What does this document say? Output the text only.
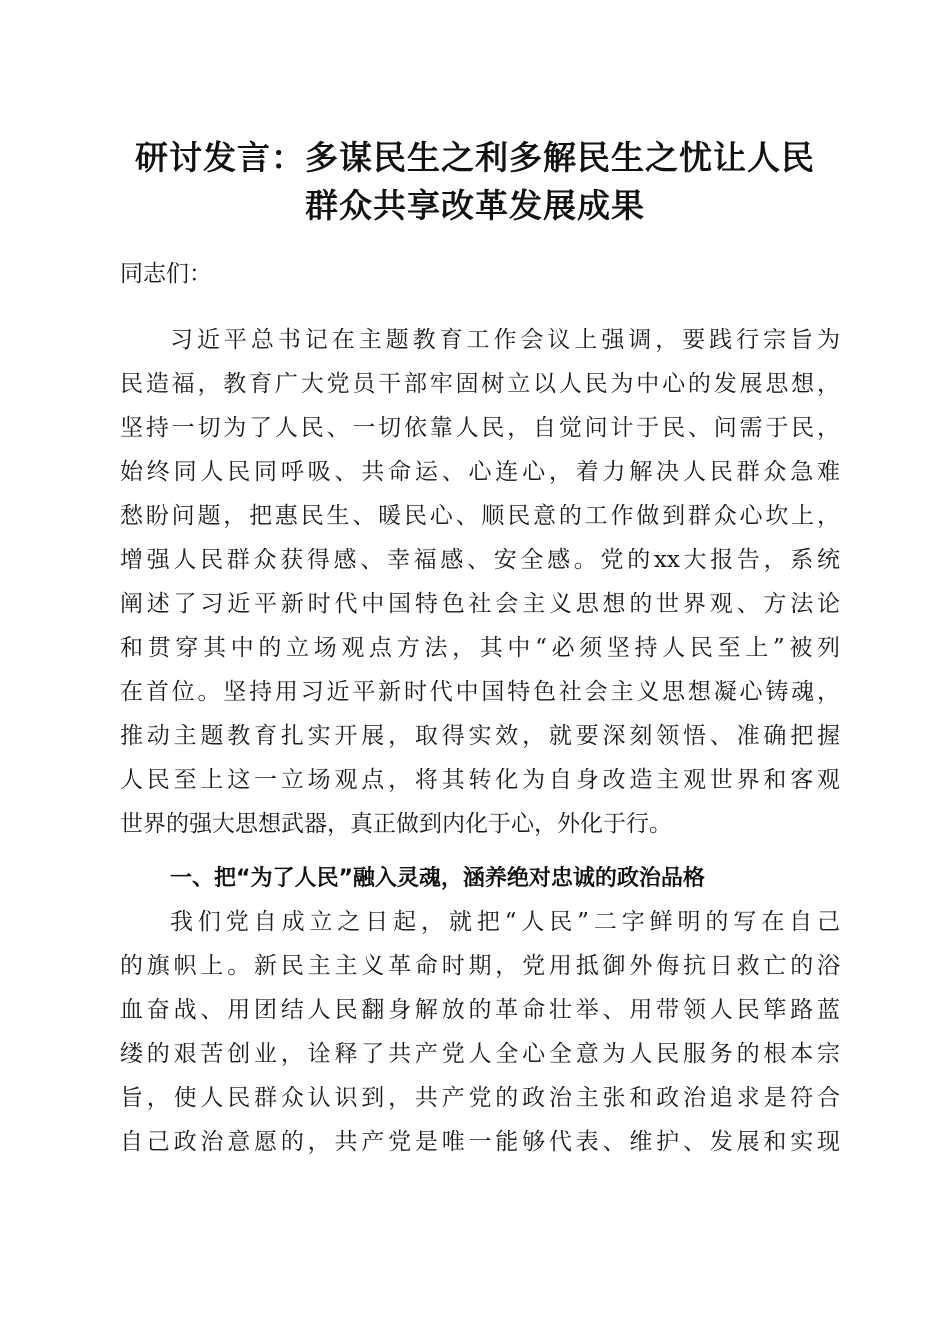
研讨发言：多谋民生之利多解民生之忧让人民
群众共享改革发展成果
同志们：
习近平总书记在主题教育工作会议上强调，要践行宗旨为
民造福，教育广大党员干部牢固树立以人民为中心的发展思想，
坚持一切为了人民、一切依靠人民，自觉问计于民、问需于民，
始终同人民同呼吸、共命运、心连心，着力解决人民群众急难
愁盼问题，把惠民生、暖民心、顺民意的工作做到群众心坎上，
增强人民群众获得感、幸福感、安全感。党的xx大报告，系统
阐述了习近平新时代中国特色社会主义思想的世界观、方法论
和贯穿其中的立场观点方法，其中“必须坚持人民至上”被列
在首位。坚持用习近平新时代中国特色社会主义思想凝心铸魂，
推动主题教育扎实开展，取得实效，就要深刻领悟、准确把握
人民至上这一立场观点，将其转化为自身改造主观世界和客观
世界的强大思想武器，真正做到内化于心，外化于行。
一、把“为了人民”融入灵魂，涵养绝对忠诚的政治品格
我们党自成立之日起，就把“人民”二字鲜明的写在自己
的旗帜上。新民主主义革命时期，党用抵御外侮抗日救亡的浴
血奋战、用团结人民翻身解放的革命壮举、用带领人民筚路蓝
缕的艰苦创业，诠释了共产党人全心全意为人民服务的根本宗
旨，使人民群众认识到，共产党的政治主张和政治追求是符合
自己政治意愿的，共产党是唯一能够代表、维护、发展和实现
